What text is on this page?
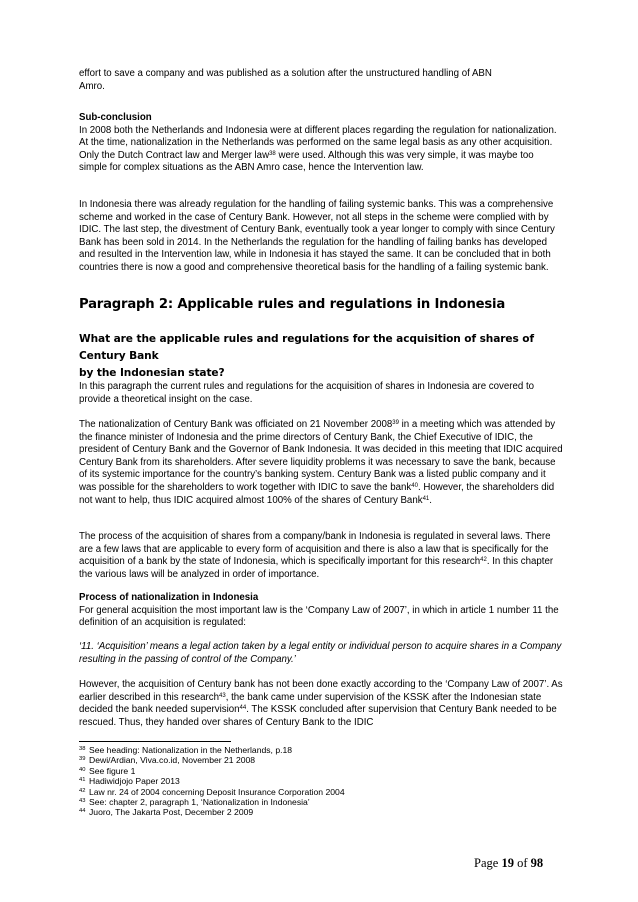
effort to save a company and was published as a solution after the unstructured handling of ABN

Amro.

Sub-conclusion

In 2008 both the Netherlands and Indonesia were at different places regarding the regulation for nationalization. At the time, nationalization in the Netherlands was performed on the same legal basis as any other acquisition. Only the Dutch Contract law and Merger law$^{38}$ were used. Although this was very simple, it was maybe too simple for complex situations as the ABN Amro case, hence the Intervention law.

In Indonesia there was already regulation for the handling of failing systemic banks. This was a comprehensive scheme and worked in the case of Century Bank. However, not all steps in the scheme were complied with by IDIC. The last step, the divestment of Century Bank, eventually took a year longer to comply with since Century Bank has been sold in 2014. In the Netherlands the regulation for the handling of failing banks has developed and resulted in the Intervention law, while in Indonesia it has stayed the same. It can be concluded that in both countries there is now a good and comprehensive theoretical basis for the handling of a failing systemic bank.
Paragraph 2: Applicable rules and regulations in Indonesia
What are the applicable rules and regulations for the acquisition of shares of Century Bank
by the Indonesian state?
In this paragraph the current rules and regulations for the acquisition of shares in Indonesia are covered to provide a theoretical insight on the case.
The nationalization of Century Bank was officiated on 21 November 2008$^{39}$ in a meeting which was attended by the finance minister of Indonesia and the prime directors of Century Bank, the Chief Executive of IDIC, the president of Century Bank and the Governor of Bank Indonesia. It was decided in this meeting that IDIC acquired Century Bank from its shareholders. After severe liquidity problems it was necessary to save the bank, because of its systemic importance for the country’s banking system. Century Bank was a listed public company and it was possible for the shareholders to work together with IDIC to save the bank$^{40}$. However, the shareholders did not want to help, thus IDIC acquired almost 100% of the shares of Century Bank$^{41}$.
The process of the acquisition of shares from a company/bank in Indonesia is regulated in several laws. There are a few laws that are applicable to every form of acquisition and there is also a law that is specifically for the acquisition of a bank by the state of Indonesia, which is specifically important for this research$^{42}$. In this chapter the various laws will be analyzed in order of importance.

Process of nationalization in Indonesia

For general acquisition the most important law is the ‘Company Law of 2007’, in which in article 1 number 11 the definition of an acquisition is regulated:

‘11. ‘Acquisition’ means a legal action taken by a legal entity or individual person to acquire shares in a Company resulting in the passing of control of the Company.’
However, the acquisition of Century bank has not been done exactly according to the ‘Company Law of 2007’. As earlier described in this research$^{43}$, the bank came under supervision of the KSSK after the Indonesian state decided the bank needed supervision$^{44}$. The KSSK concluded after supervision that Century Bank needed to be rescued. Thus, they handed over shares of Century Bank to the IDIC
38 See heading: Nationalization in the Netherlands, p.18
39 Dewi/Ardian, Viva.co.id, November 21 2008
40 See figure 1
41 Hadiwidjojo Paper 2013
42 Law nr. 24 of 2004 concerning Deposit Insurance Corporation 2004
43 See: chapter 2, paragraph 1, ‘Nationalization in Indonesia’
44 Juoro, The Jakarta Post, December 2 2009
Page 19 of 98
